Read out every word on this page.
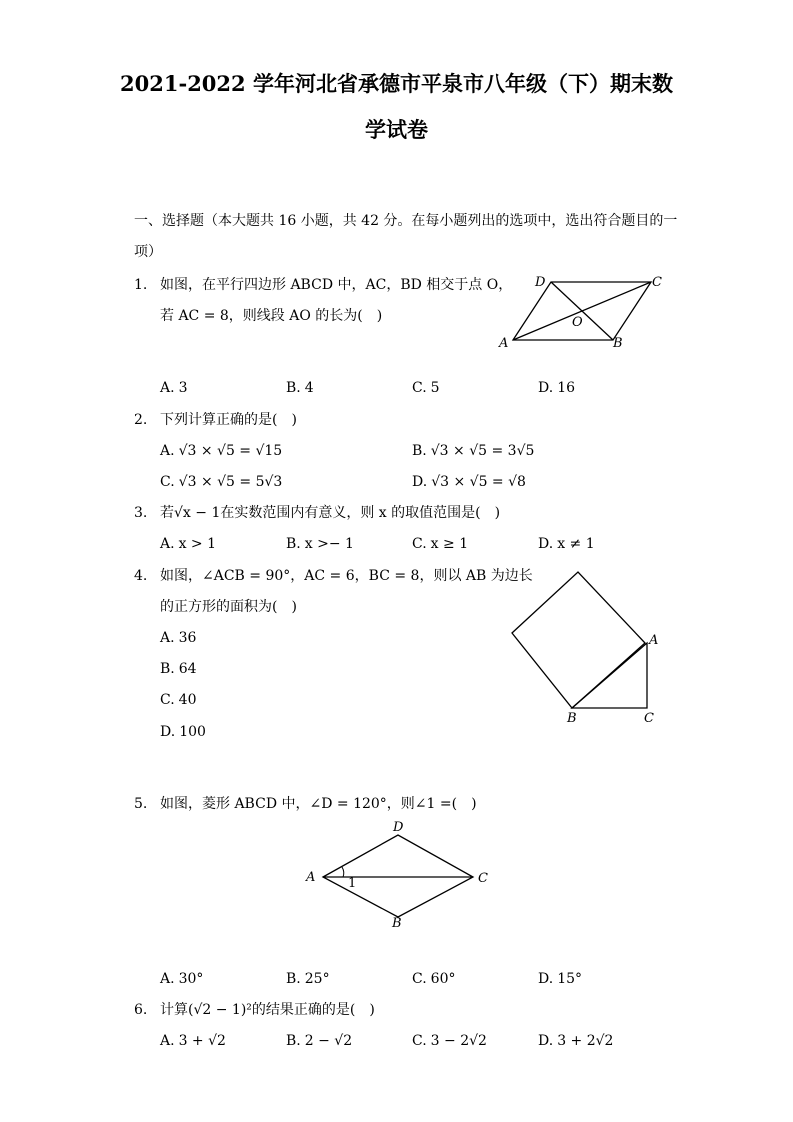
2021-2022 学年河北省承德市平泉市八年级（下）期末数
学试卷
一、选择题（本大题共 16 小题，共 42 分。在每小题列出的选项中，选出符合题目的一
项）
1. 如图，在平行四边形 ABCD 中，AC，BD 相交于点 O，
若 AC = 8，则线段 AO 的长为(　)
A	B
C
D
O
A. 3	B. 4	C. 5	D. 16
2. 下列计算正确的是(　)
A. √3 × √5 = √15	B. √3 × √5 = 3√5
C. √3 × √5 = 5√3	D. √3 × √5 = √8
3. 若√x − 1在实数范围内有意义，则 x 的取值范围是(　)
A. x > 1	B. x >− 1	C. x ≥ 1	D. x ≠ 1
4. 如图，∠ACB = 90°，AC = 6，BC = 8，则以 AB 为边长
的正方形的面积为(　)
A. 36
B. 64
C. 40
D. 100
A
B	C
5. 如图，菱形 ABCD 中，∠D = 120°，则∠1 =(　)
A
B
C
D
1
A. 30°	B. 25°	C. 60°	D. 15°
6. 计算(√2 − 1)²的结果正确的是(　)
A. 3 + √2	B. 2 − √2	C. 3 − 2√2	D. 3 + 2√2
